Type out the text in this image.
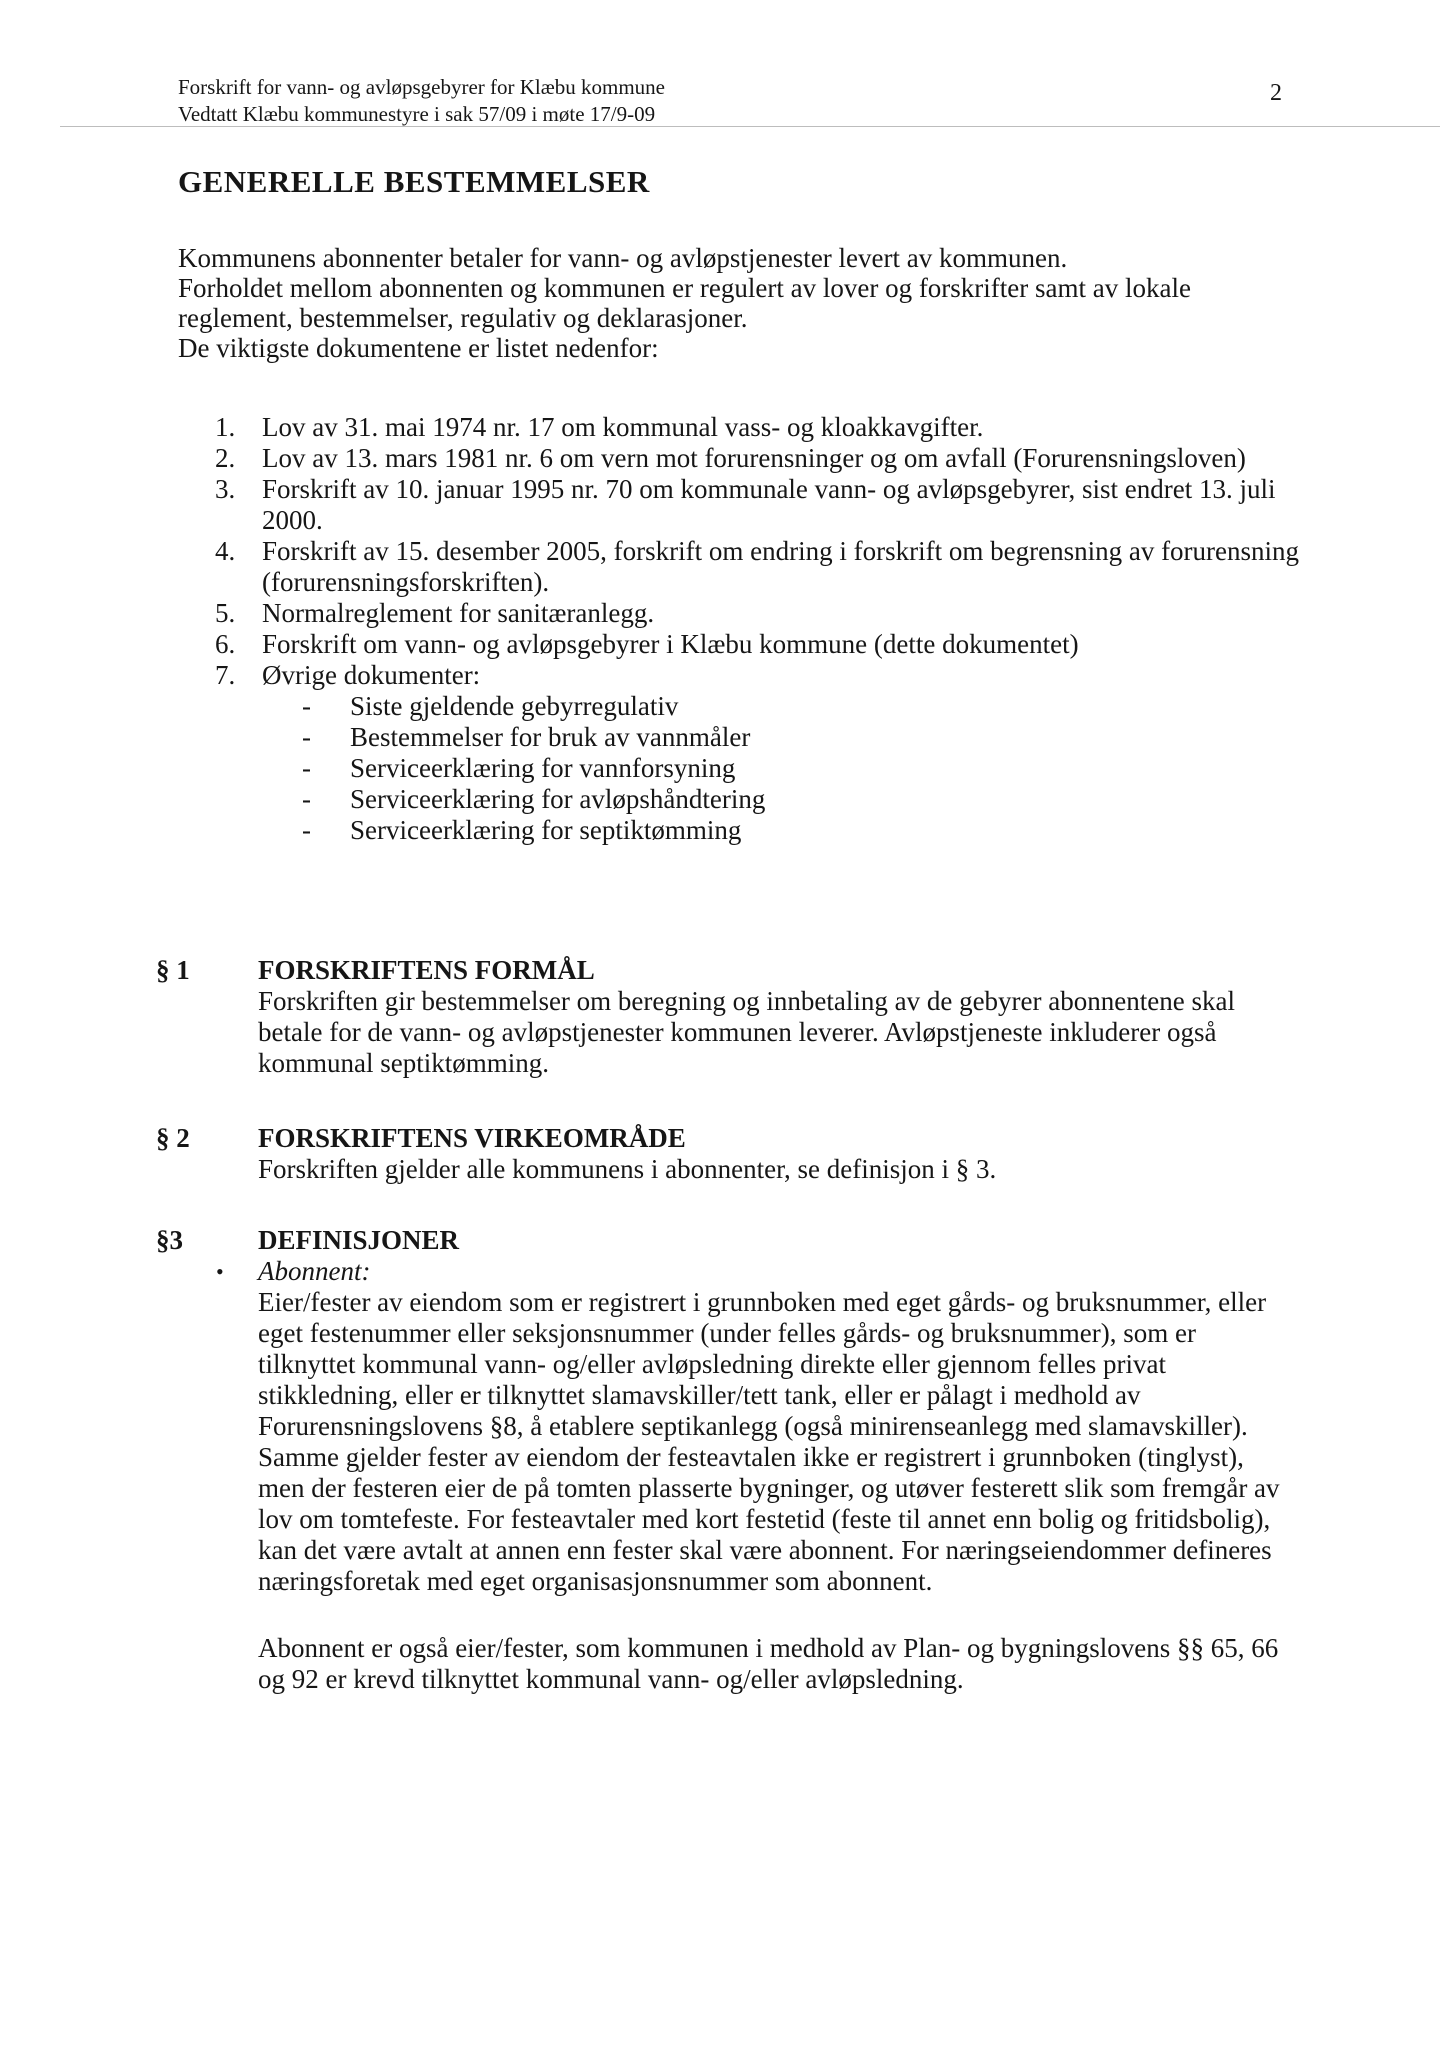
Forskrift for vann- og avløpsgebyrer for Klæbu kommune
Vedtatt Klæbu kommunestyre i sak 57/09 i møte 17/9-09
2
GENERELLE BESTEMMELSER

Kommunens abonnenter betaler for vann- og avløpstjenester levert av kommunen.

Forholdet mellom abonnenten og kommunen er regulert av lover og forskrifter samt av lokale reglement, bestemmelser, regulativ og deklarasjoner.

De viktigste dokumentene er listet nedenfor:

1. Lov av 31. mai 1974 nr. 17 om kommunal vass- og kloakkavgifter.
2. Lov av 13. mars 1981 nr. 6 om vern mot forurensninger og om avfall (Forurensningsloven)
3. Forskrift av 10. januar 1995 nr. 70 om kommunale vann- og avløpsgebyrer, sist endret 13. juli 2000.
4. Forskrift av 15. desember 2005, forskrift om endring i forskrift om begrensning av forurensning (forurensningsforskriften).
5. Normalreglement for sanitæranlegg.
6. Forskrift om vann- og avløpsgebyrer i Klæbu kommune (dette dokumentet)
7. Øvrige dokumenter:
- Siste gjeldende gebyrregulativ
- Bestemmelser for bruk av vannmåler
- Serviceerklæring for vannforsyning
- Serviceerklæring for avløpshåndtering
- Serviceerklæring for septiktømming
§ 1	FORSKRIFTENS FORMÅL

Forskriften gir bestemmelser om beregning og innbetaling av de gebyrer abonnentene skal betale for de vann- og avløpstjenester kommunen leverer. Avløpstjeneste inkluderer også kommunal septiktømming.

§ 2	FORSKRIFTENS VIRKEOMRÅDE

Forskriften gjelder alle kommunens i abonnenter, se definisjon i § 3.

§3	DEFINISJONER

• Abonnent:

Eier/fester av eiendom som er registrert i grunnboken med eget gårds- og bruksnummer, eller eget festenummer eller seksjonsnummer (under felles gårds- og bruksnummer), som er tilknyttet kommunal vann- og/eller avløpsledning direkte eller gjennom felles privat stikkledning, eller er tilknyttet slamavskiller/tett tank, eller er pålagt i medhold av Forurensningslovens §8, å etablere septikanlegg (også minirenseanlegg med slamavskiller). Samme gjelder fester av eiendom der festeavtalen ikke er registrert i grunnboken (tinglyst), men der festeren eier de på tomten plasserte bygninger, og utøver festerett slik som fremgår av lov om tomtefeste. For festeavtaler med kort festetid (feste til annet enn bolig og fritidsbolig), kan det være avtalt at annen enn fester skal være abonnent. For næringseiendommer defineres næringsforetak med eget organisasjonsnummer som abonnent.

Abonnent er også eier/fester, som kommunen i medhold av Plan- og bygningslovens §§ 65, 66 og 92 er krevd tilknyttet kommunal vann- og/eller avløpsledning.
